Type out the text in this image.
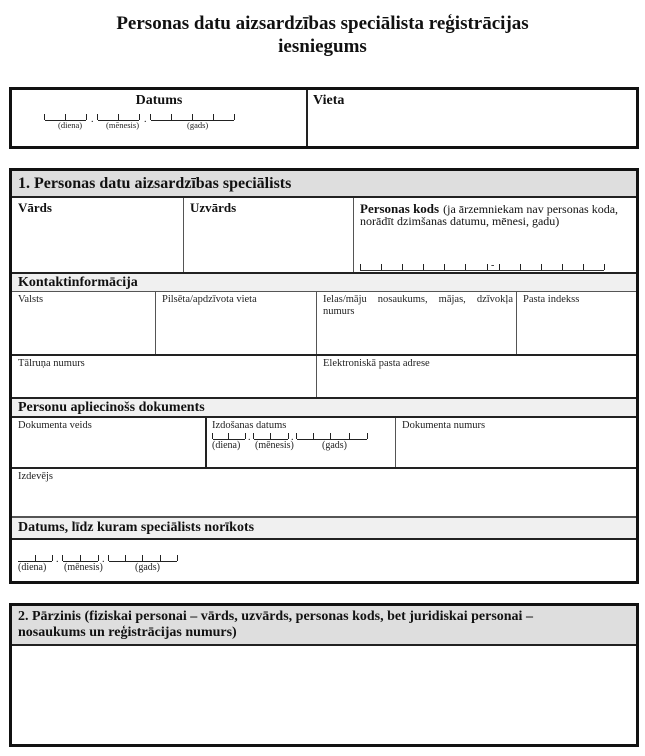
Personas datu aizsardzības speciālista reģistrācijas
iesniegums
Datums	Vieta
.	.
(diena)	(mēnesis)	(gads)
1. Personas datu aizsardzības speciālists
Vārds	Uzvārds	Personas kods (ja ārzemniekam nav personas koda,
norādīt dzimšanas datumu, mēnesi, gadu)
-
Kontaktinformācija
Valsts	Pilsēta/apdzīvota vieta	Ielas/māju nosaukums, mājas, dzīvokļa
numurs
Pasta indekss
Tālruņa numurs	Elektroniskā pasta adrese
Personu apliecinošs dokuments
Dokumenta veids	Izdošanas datums
.	.
(diena) (mēnesis)	(gads)
Dokumenta numurs
Izdevējs
Datums, līdz kuram speciālists norīkots
.	.
(diena) (mēnesis)	(gads)
2. Pārzinis (fiziskai personai – vārds, uzvārds, personas kods, bet juridiskai personai –
nosaukums un reģistrācijas numurs)
